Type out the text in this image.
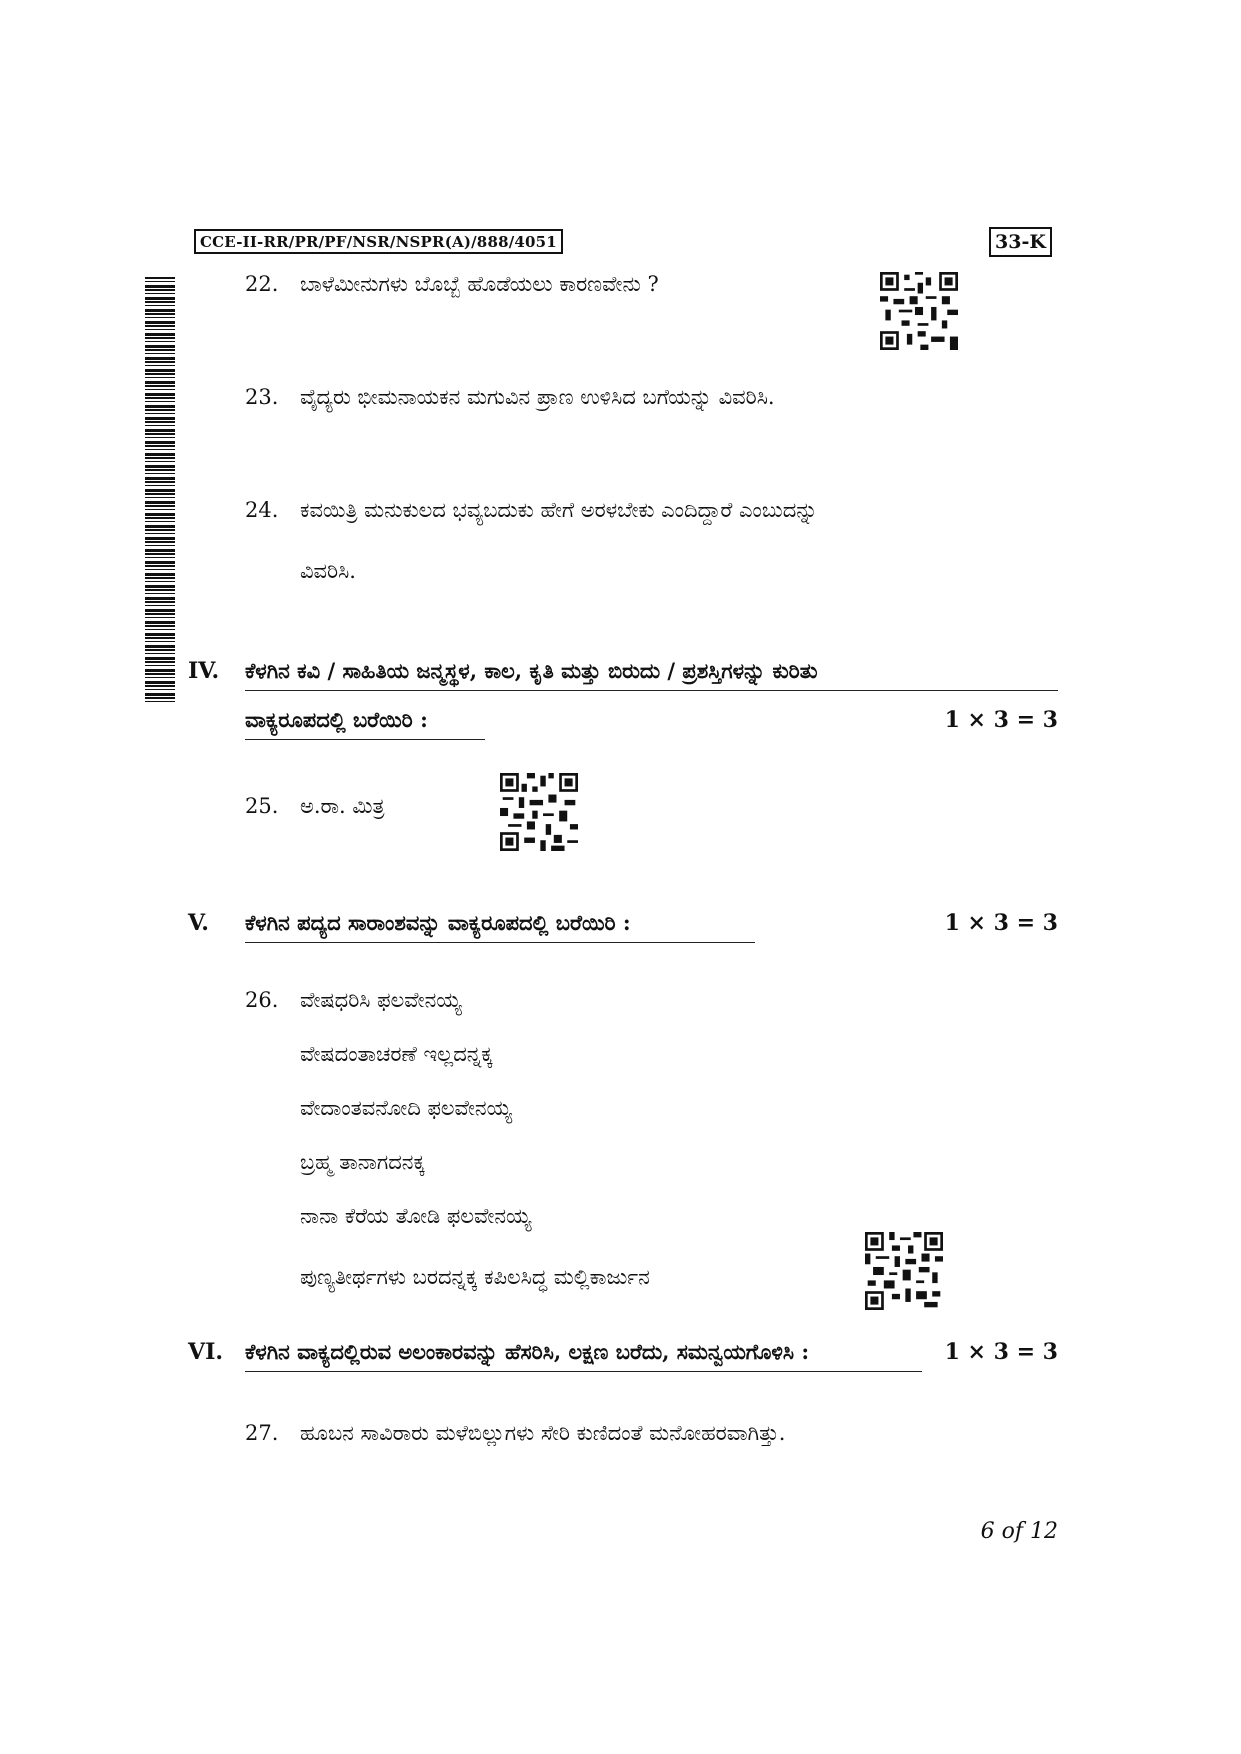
CCE-II-RR/PR/PF/NSR/NSPR(A)/888/4051	33-K
22. ಬಾಳೆಮೀನುಗಳು ಬೊಬ್ಬೆ ಹೊಡೆಯಲು ಕಾರಣವೇನು ?
23. ವೈದ್ಯರು ಭೀಮನಾಯಕನ ಮಗುವಿನ ಪ್ರಾಣ ಉಳಿಸಿದ ಬಗೆಯನ್ನು ವಿವರಿಸಿ.
24. ಕವಯಿತ್ರಿ ಮನುಕುಲದ ಭವ್ಯಬದುಕು ಹೇಗೆ ಅರಳಬೇಕು ಎಂದಿದ್ದಾರೆ ಎಂಬುದನ್ನು
ವಿವರಿಸಿ.
IV. ಕೆಳಗಿನ ಕವಿ / ಸಾಹಿತಿಯ ಜನ್ಮಸ್ಥಳ, ಕಾಲ, ಕೃತಿ ಮತ್ತು ಬಿರುದು / ಪ್ರಶಸ್ತಿಗಳನ್ನು ಕುರಿತು
ವಾಕ್ಯರೂಪದಲ್ಲಿ ಬರೆಯಿರಿ :	1 × 3 = 3
25. ಅ.ರಾ. ಮಿತ್ರ
V. ಕೆಳಗಿನ ಪದ್ಯದ ಸಾರಾಂಶವನ್ನು ವಾಕ್ಯರೂಪದಲ್ಲಿ ಬರೆಯಿರಿ :	1 × 3 = 3
26. ವೇಷಧರಿಸಿ ಫಲವೇನಯ್ಯ
ವೇಷದಂತಾಚರಣೆ ಇಲ್ಲದನ್ನಕ್ಕ
ವೇದಾಂತವನೋದಿ ಫಲವೇನಯ್ಯ
ಬ್ರಹ್ಮ ತಾನಾಗದನಕ್ಕ
ನಾನಾ ಕೆರೆಯ ತೋಡಿ ಫಲವೇನಯ್ಯ
ಪುಣ್ಯತೀರ್ಥಗಳು ಬರದನ್ನಕ್ಕ ಕಪಿಲಸಿದ್ಧ ಮಲ್ಲಿಕಾರ್ಜುನ
VI. ಕೆಳಗಿನ ವಾಕ್ಯದಲ್ಲಿರುವ ಅಲಂಕಾರವನ್ನು ಹೆಸರಿಸಿ, ಲಕ್ಷಣ ಬರೆದು, ಸಮನ್ವಯಗೊಳಿಸಿ :	1 × 3 = 3
27. ಹೂಬನ ಸಾವಿರಾರು ಮಳೆಬಿಲ್ಲುಗಳು ಸೇರಿ ಕುಣಿದಂತೆ ಮನೋಹರವಾಗಿತ್ತು.
6 of 12
